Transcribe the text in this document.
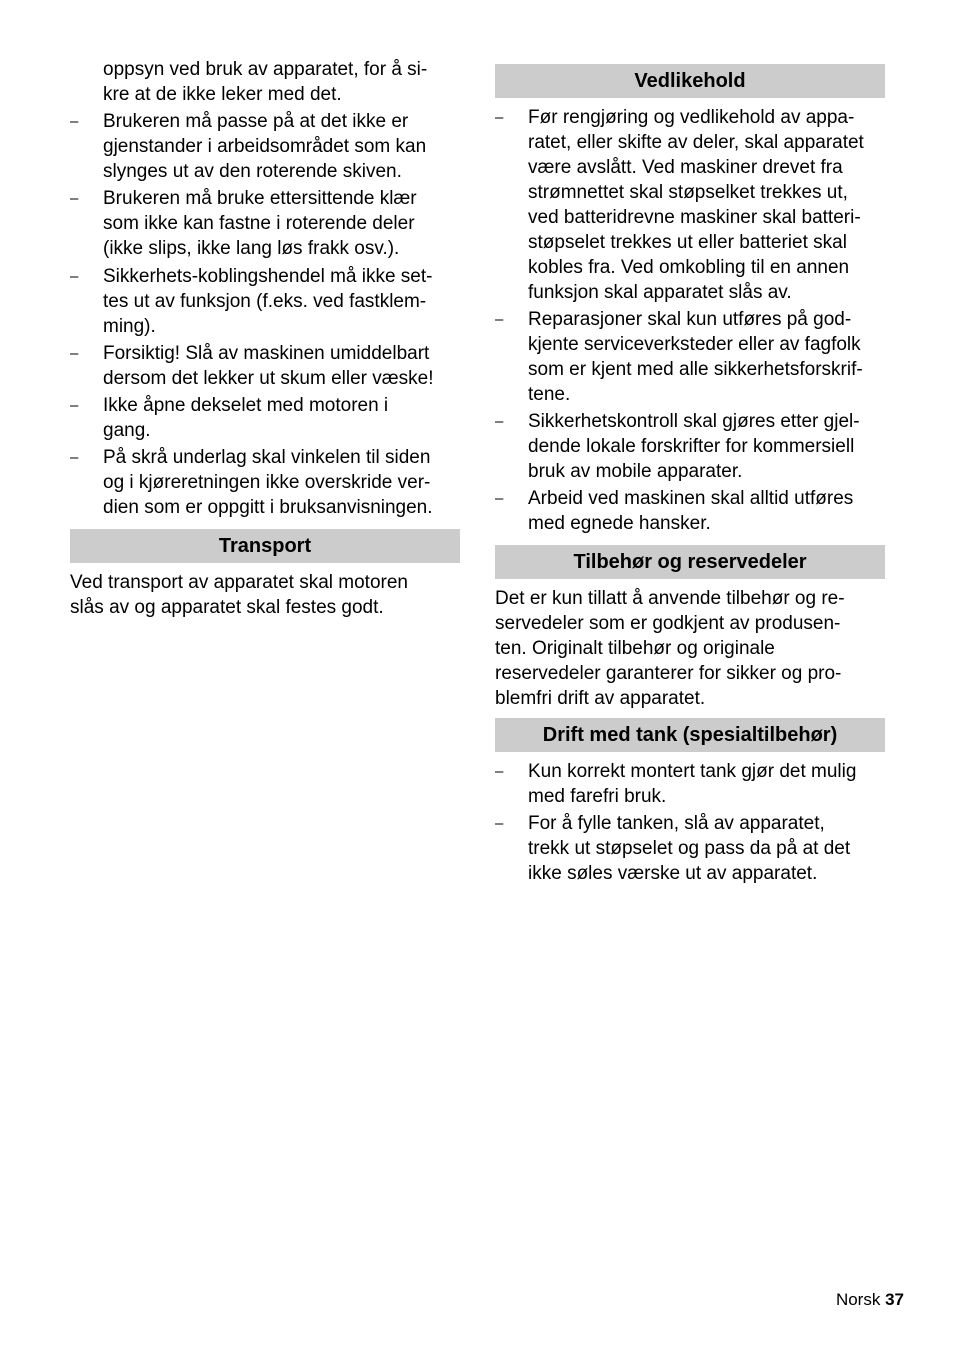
oppsyn ved bruk av apparatet, for å si-
kre at de ikke leker med det.
– Brukeren må passe på at det ikke er
gjenstander i arbeidsområdet som kan
slynges ut av den roterende skiven.
– Brukeren må bruke ettersittende klær
som ikke kan fastne i roterende deler
(ikke slips, ikke lang løs frakk osv.).
– Sikkerhets-koblingshendel må ikke set-
tes ut av funksjon (f.eks. ved fastklem-
ming).
– Forsiktig! Slå av maskinen umiddelbart
dersom det lekker ut skum eller væske!
– Ikke åpne dekselet med motoren i
gang.
– På skrå underlag skal vinkelen til siden
og i kjøreretningen ikke overskride ver-
dien som er oppgitt i bruksanvisningen.
Transport
Ved transport av apparatet skal motoren
slås av og apparatet skal festes godt.
Vedlikehold
– Før rengjøring og vedlikehold av appa-
ratet, eller skifte av deler, skal apparatet
være avslått. Ved maskiner drevet fra
strømnettet skal støpselket trekkes ut,
ved batteridrevne maskiner skal batteri-
støpselet trekkes ut eller batteriet skal
kobles fra. Ved omkobling til en annen
funksjon skal apparatet slås av.
– Reparasjoner skal kun utføres på god-
kjente serviceverksteder eller av fagfolk
som er kjent med alle sikkerhetsforskrif-
tene.
– Sikkerhetskontroll skal gjøres etter gjel-
dende lokale forskrifter for kommersiell
bruk av mobile apparater.
– Arbeid ved maskinen skal alltid utføres
med egnede hansker.
Tilbehør og reservedeler
Det er kun tillatt å anvende tilbehør og re-
servedeler som er godkjent av produsen-
ten. Originalt tilbehør og originale
reservedeler garanterer for sikker og pro-
blemfri drift av apparatet.
Drift med tank (spesialtilbehør)
– Kun korrekt montert tank gjør det mulig
med farefri bruk.
– For å fylle tanken, slå av apparatet,
trekk ut støpselet og pass da på at det
ikke søles værske ut av apparatet.
Norsk 37
